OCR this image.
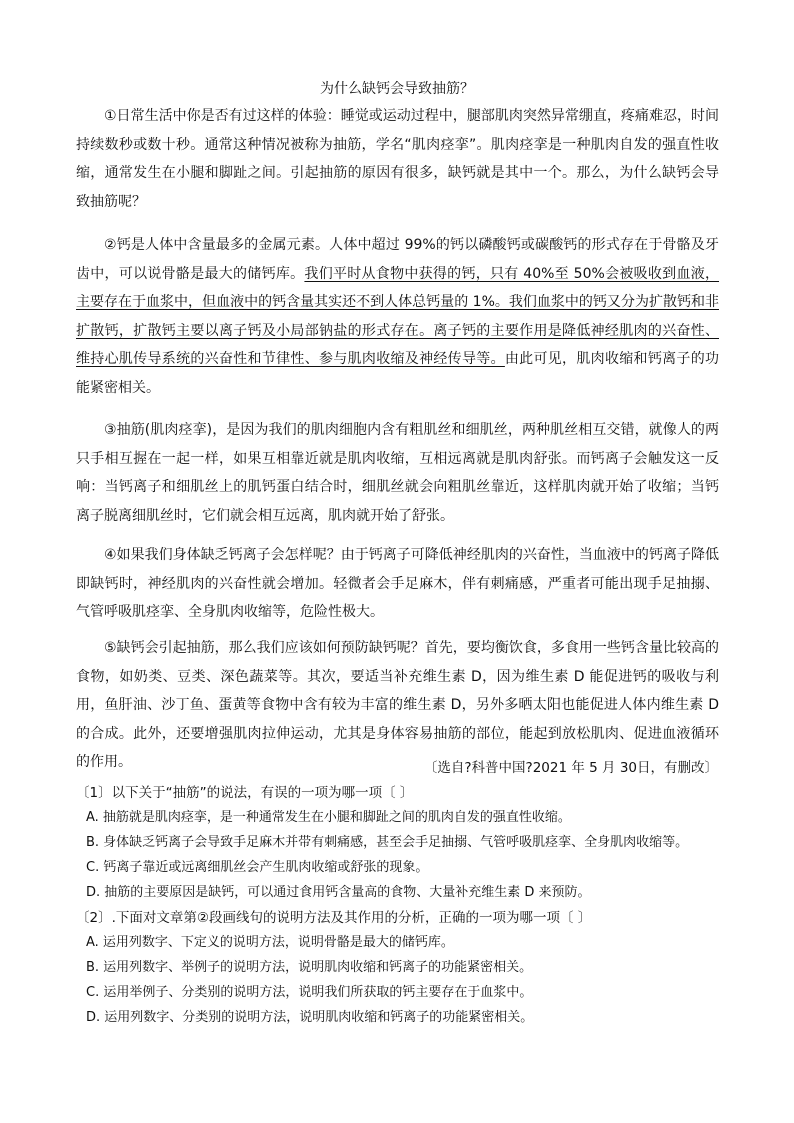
为什么缺钙会导致抽筋？

①日常生活中你是否有过这样的体验：睡觉或运动过程中，腿部肌肉突然异常绷直，疼痛难忍，时间持续数秒或数十秒。通常这种情况被称为抽筋，学名“肌肉痉挛”。肌肉痉挛是一种肌肉自发的强直性收缩，通常发生在小腿和脚趾之间。引起抽筋的原因有很多，缺钙就是其中一个。那么，为什么缺钙会导致抽筋呢？

②钙是人体中含量最多的金属元素。人体中超过 99%的钙以磷酸钙或碳酸钙的形式存在于骨骼及牙齿中，可以说骨骼是最大的储钙库。我们平时从食物中获得的钙，只有 40%至 50%会被吸收到血液，主要存在于血浆中，但血液中的钙含量其实还不到人体总钙量的 1%。我们血浆中的钙又分为扩散钙和非扩散钙，扩散钙主要以离子钙及小局部钠盐的形式存在。离子钙的主要作用是降低神经肌肉的兴奋性、维持心肌传导系统的兴奋性和节律性、参与肌肉收缩及神经传导等。由此可见，肌肉收缩和钙离子的功能紧密相关。

③抽筋(肌肉痉挛)，是因为我们的肌肉细胞内含有粗肌丝和细肌丝，两种肌丝相互交错，就像人的两只手相互握在一起一样，如果互相靠近就是肌肉收缩，互相远离就是肌肉舒张。而钙离子会触发这一反响：当钙离子和细肌丝上的肌钙蛋白结合时，细肌丝就会向粗肌丝靠近，这样肌肉就开始了收缩；当钙离子脱离细肌丝时，它们就会相互远离，肌肉就开始了舒张。

④如果我们身体缺乏钙离子会怎样呢？由于钙离子可降低神经肌肉的兴奋性，当血液中的钙离子降低即缺钙时，神经肌肉的兴奋性就会增加。轻微者会手足麻木，伴有刺痛感，严重者可能出现手足抽搦、气管呼吸肌痉挛、全身肌肉收缩等，危险性极大。

⑤缺钙会引起抽筋，那么我们应该如何预防缺钙呢？首先，要均衡饮食，多食用一些钙含量比较高的食物，如奶类、豆类、深色蔬菜等。其次，要适当补充维生素 D，因为维生素 D 能促进钙的吸收与利用，鱼肝油、沙丁鱼、蛋黄等食物中含有较为丰富的维生素 D，另外多晒太阳也能促进人体内维生素 D 的合成。此外，还要增强肌肉拉伸运动，尤其是身体容易抽筋的部位，能起到放松肌肉、促进血液循环的作用。	〔选自?科普中国?2021 年 5 月 30日，有删改〕
〔1〕以下关于“抽筋”的说法，有误的一项为哪一项〔 〕
A. 抽筋就是肌肉痉挛，是一种通常发生在小腿和脚趾之间的肌肉自发的强直性收缩。
B. 身体缺乏钙离子会导致手足麻木并带有刺痛感，甚至会手足抽搦、气管呼吸肌痉挛、全身肌肉收缩等。
C. 钙离子靠近或远离细肌丝会产生肌肉收缩或舒张的现象。
D. 抽筋的主要原因是缺钙，可以通过食用钙含量高的食物、大量补充维生素 D 来预防。
〔2〕.下面对文章第②段画线句的说明方法及其作用的分析，正确的一项为哪一项〔 〕
A. 运用列数字、下定义的说明方法，说明骨骼是最大的储钙库。
B. 运用列数字、举例子的说明方法，说明肌肉收缩和钙离子的功能紧密相关。
C. 运用举例子、分类别的说明方法，说明我们所获取的钙主要存在于血浆中。
D. 运用列数字、分类别的说明方法，说明肌肉收缩和钙离子的功能紧密相关。
